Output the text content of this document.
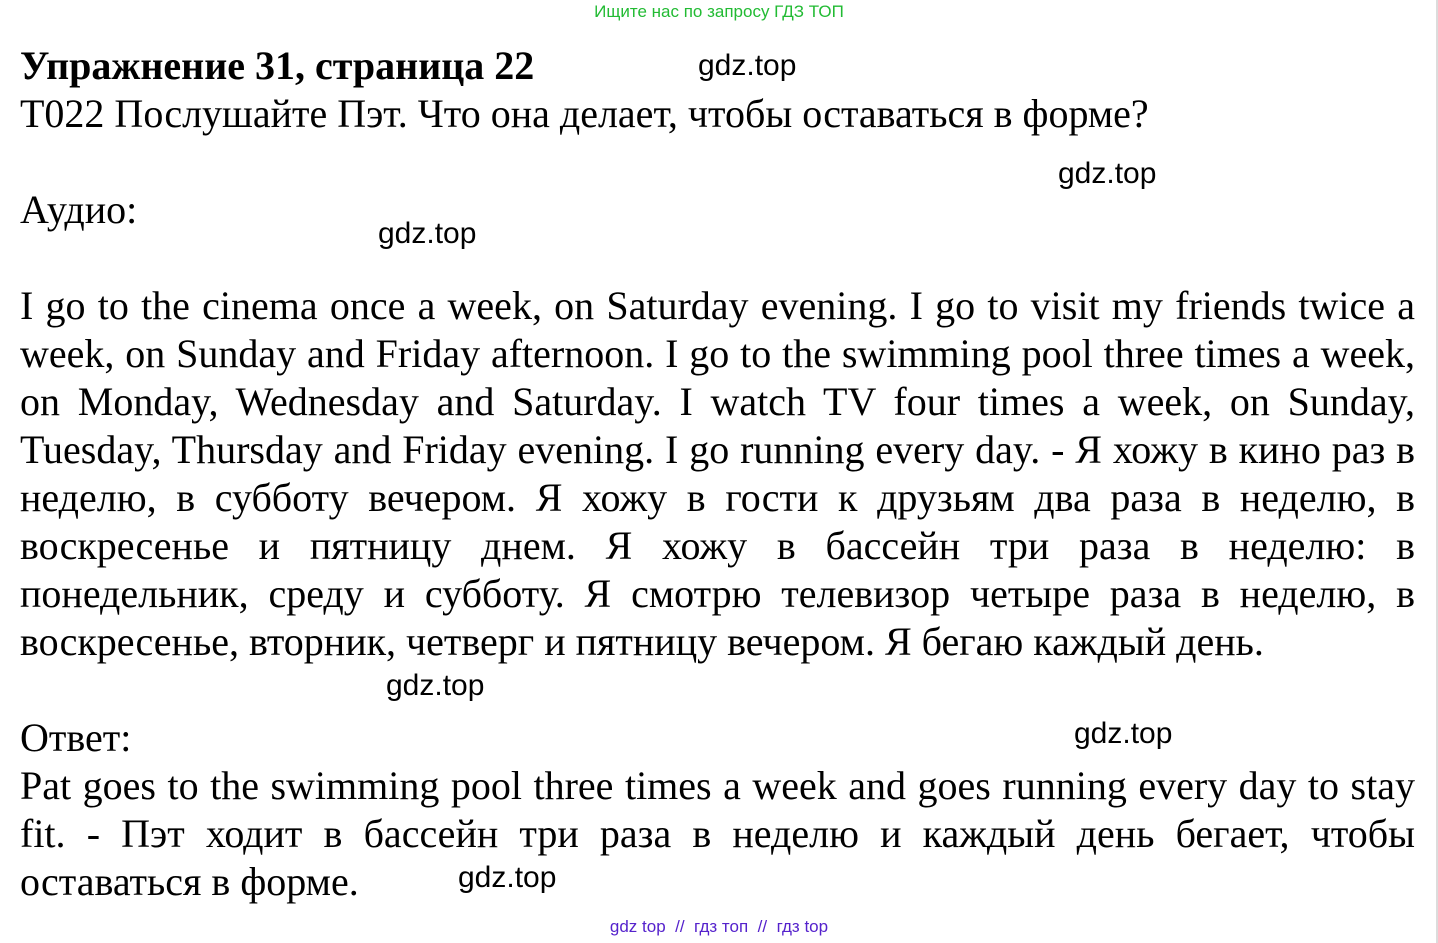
Ищите нас по запросу ГДЗ ТОП
Упражнение 31, страница 22

T022 Послушайте Пэт. Что она делает, чтобы оставаться в форме?

Аудио:

I go to the cinema once a week, on Saturday evening. I go to visit my friends twice a week, on Sunday and Friday afternoon. I go to the swimming pool three times a week, on Monday, Wednesday and Saturday. I watch TV four times a week, on Sunday, Tuesday, Thursday and Friday evening. I go running every day. - Я хожу в кино раз в неделю, в субботу вечером. Я хожу в гости к друзьям два раза в неделю, в воскресенье и пятницу днем. Я хожу в бассейн три раза в неделю: в понедельник, среду и субботу. Я смотрю телевизор четыре раза в неделю, в воскресенье, вторник, четверг и пятницу вечером. Я бегаю каждый день.

Ответ:

Pat goes to the swimming pool three times a week and goes running every day to stay fit. - Пэт ходит в бассейн три раза в неделю и каждый день бегает, чтобы оставаться в форме.

gdz.top
gdz.top
gdz.top
gdz.top
gdz.top
gdz.top
gdz top // гдз топ // гдз top
